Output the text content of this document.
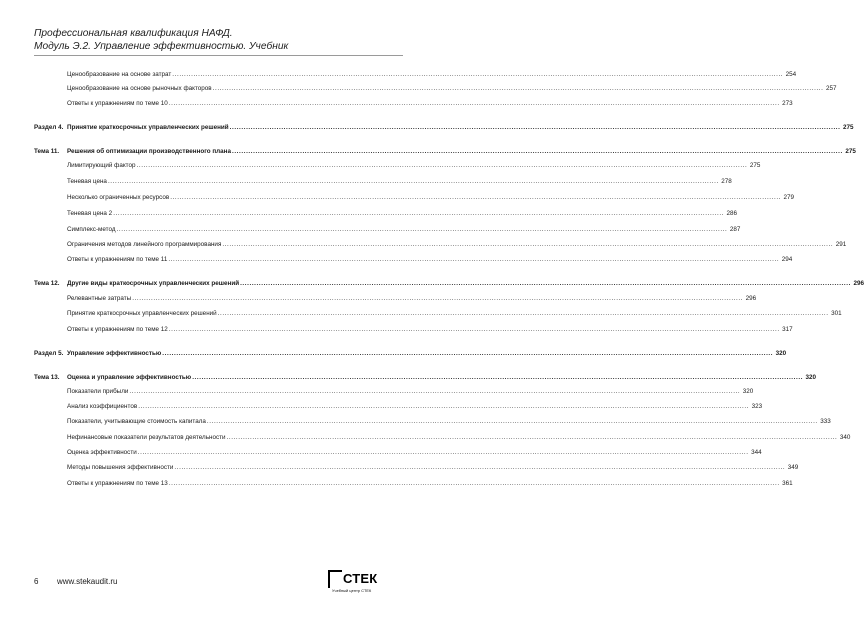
Профессиональная квалификация НАФД.
Модуль Э.2. Управление эффективностью. Учебник
Ценообразование на основе затрат .................................................................................................................................................................................................................................................................... 254
Ценообразование на основе рыночных факторов .................................................................................................................................................................................................................................................................... 257
Ответы к упражнениям по теме 10 .................................................................................................................................................................................................................................................................... 273
Раздел 4. Принятие краткосрочных управленческих решений .................................................................................................................................................................................................................................................................... 275
Тема 11.	Решения об оптимизации производственного плана .................................................................................................................................................................................................................................................................... 275
Лимитирующий фактор .................................................................................................................................................................................................................................................................... 275
Теневая цена .................................................................................................................................................................................................................................................................... 278
Несколько ограниченных ресурсов .................................................................................................................................................................................................................................................................... 279
Теневая цена 2 .................................................................................................................................................................................................................................................................... 286
Симплекс-метод .................................................................................................................................................................................................................................................................... 287
Ограничения методов линейного программирования .................................................................................................................................................................................................................................................................... 291
Ответы к упражнениям по теме 11 .................................................................................................................................................................................................................................................................... 294
Тема 12.	Другие виды краткосрочных управленческих решений .................................................................................................................................................................................................................................................................... 296
Релевантные затраты .................................................................................................................................................................................................................................................................... 296
Принятие краткосрочных управленческих решений .................................................................................................................................................................................................................................................................... 301
Ответы к упражнениям по теме 12 .................................................................................................................................................................................................................................................................... 317
Раздел 5. Управление эффективностью .................................................................................................................................................................................................................................................................... 320
Тема 13.	Оценка и управление эффективностью .................................................................................................................................................................................................................................................................... 320
Показатели прибыли .................................................................................................................................................................................................................................................................... 320
Анализ коэффициентов .................................................................................................................................................................................................................................................................... 323
Показатели, учитывающие стоимость капитала .................................................................................................................................................................................................................................................................... 333
Нефинансовые показатели результатов деятельности .................................................................................................................................................................................................................................................................... 340
Оценка эффективности .................................................................................................................................................................................................................................................................... 344
Методы повышения эффективности .................................................................................................................................................................................................................................................................... 349
Ответы к упражнениям по теме 13 .................................................................................................................................................................................................................................................................... 361
6 www.stekaudit.ru	СТЕК
Учебный центр СТЕК
